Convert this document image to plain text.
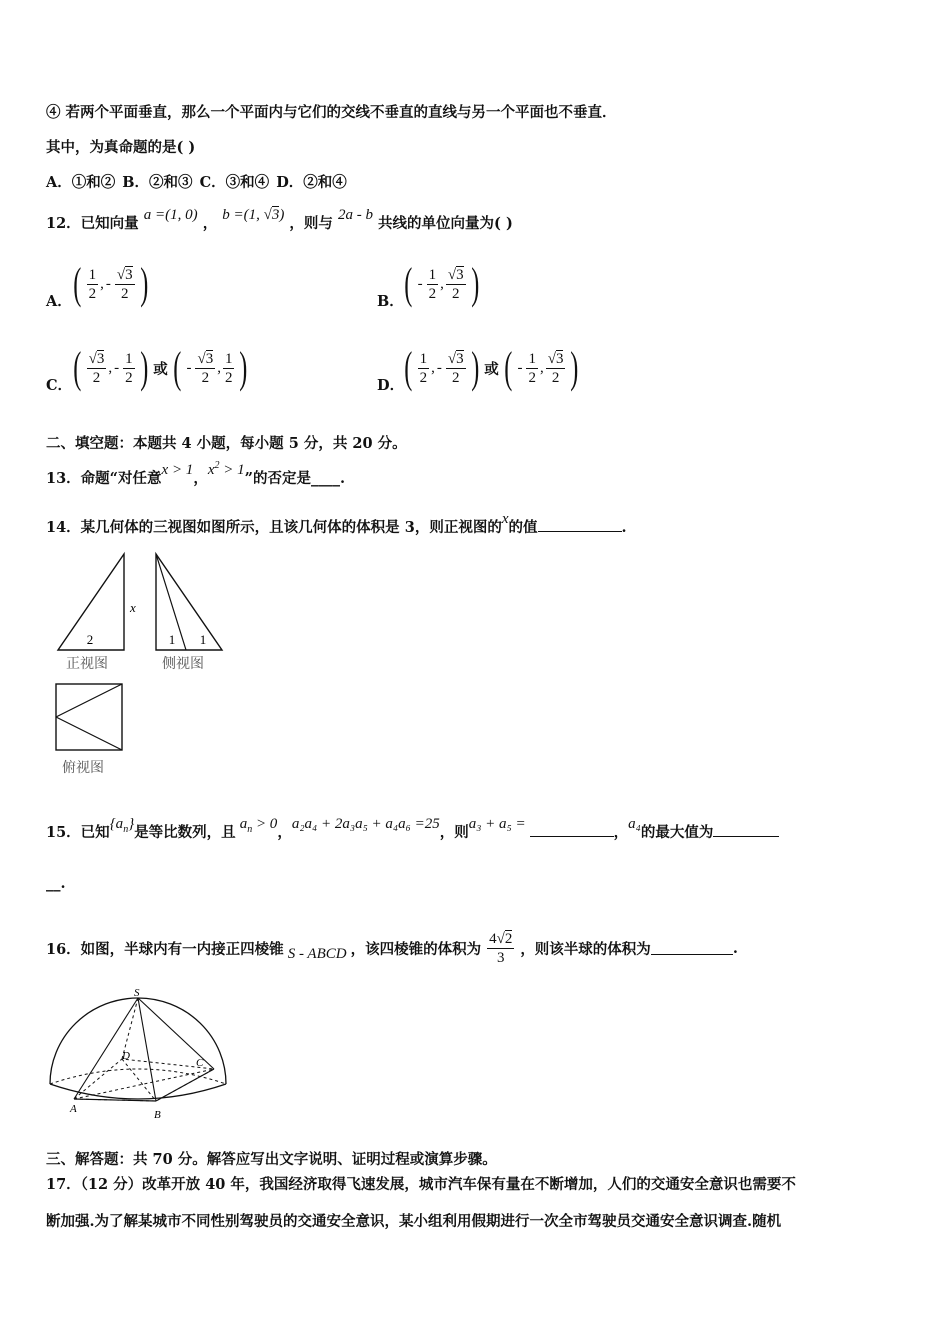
④ 若两个平面垂直，那么一个平面内与它们的交线不垂直的直线与另一个平面也不垂直．
其中，为真命题的是( )
A．①和② B．②和③ C．③和④ D．②和④
12．已知向量 a =(1, 0) ， b =(1, √3) ，则与 2a - b 共线的单位向量为( )
A． ( $\frac{1}{2}$ , - $\frac{√3}{2}$ )	B． ( - $\frac{1}{2}$ , $\frac{√3}{2}$ )
C． ( $\frac{√3}{2}$ , - $\frac{1}{2}$ ) 或 ( - $\frac{√3}{2}$ , $\frac{1}{2}$ )	D． ( $\frac{1}{2}$ , - $\frac{√3}{2}$ ) 或 ( - $\frac{1}{2}$ , $\frac{√3}{2}$ )
二、填空题：本题共 4 小题，每小题 5 分，共 20 分。
13．命题“对任意x > 1，$x^2 > 1$”的否定是____.
14．某几何体的三视图如图所示，且该几何体的体积是 3，则正视图的x的值	.
2
x
1 1
正视图	侧视图
俯视图
15．已知$\{a_n\}$是等比数列，且 $a_n > 0$，a₂a₄ + 2a₃a₅ + a₄a₆ =25，则a₃ + a₅ =	，a₄的最大值为
__.
16．如图，半球内有一内接正四棱锥 S - ABCD ，该四棱锥的体积为 $\frac{4√2}{3}$ ，则该半球的体积为	.
S
A	B
C
D
三、解答题：共 70 分。解答应写出文字说明、证明过程或演算步骤。
17．（12 分）改革开放 40 年，我国经济取得飞速发展，城市汽车保有量在不断增加，人们的交通安全意识也需要不
断加强.为了解某城市不同性别驾驶员的交通安全意识，某小组利用假期进行一次全市驾驶员交通安全意识调查.随机
